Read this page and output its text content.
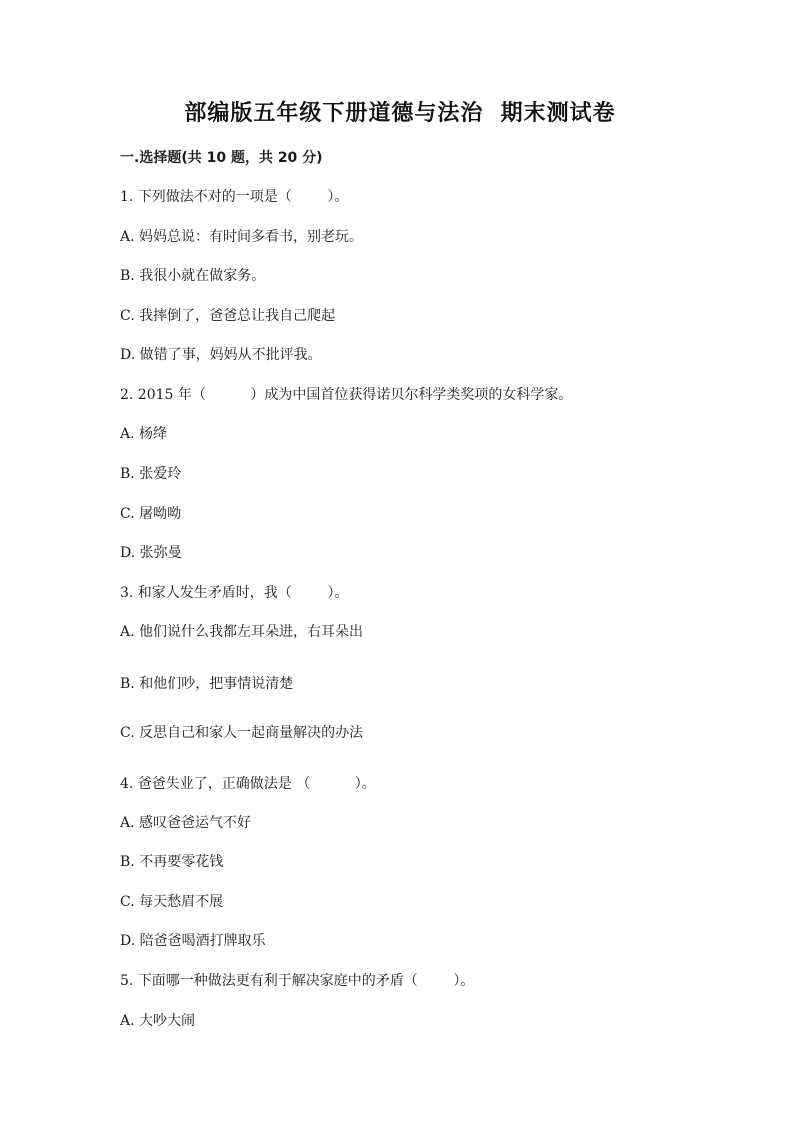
部编版五年级下册道德与法治  期末测试卷
一.选择题(共 10 题，共 20 分)
1. 下列做法不对的一项是（        ）。
A. 妈妈总说：有时间多看书，别老玩。
B. 我很小就在做家务。
C. 我摔倒了，爸爸总让我自己爬起
D. 做错了事，妈妈从不批评我。
2. 2015 年（          ）成为中国首位获得诺贝尔科学类奖项的女科学家。
A. 杨绛
B. 张爱玲
C. 屠呦呦
D. 张弥曼
3. 和家人发生矛盾时，我（        ）。
A. 他们说什么我都左耳朵进，右耳朵出
B. 和他们吵，把事情说清楚
C. 反思自己和家人一起商量解决的办法
4. 爸爸失业了，正确做法是 （          ）。
A. 感叹爸爸运气不好
B. 不再要零花钱
C. 每天愁眉不展
D. 陪爸爸喝酒打牌取乐
5. 下面哪一种做法更有利于解决家庭中的矛盾（        ）。
A. 大吵大闹
